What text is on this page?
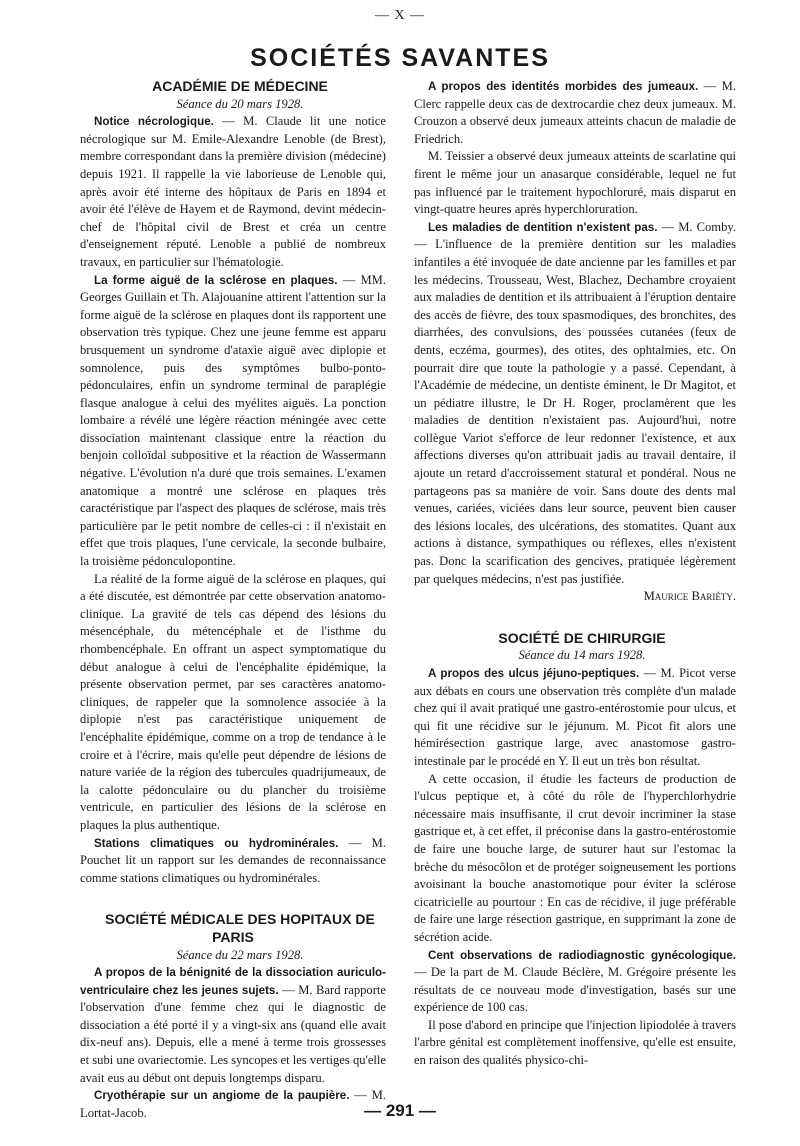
— X —
SOCIÉTÉS SAVANTES

ACADÉMIE DE MÉDECINE

Séance du 20 mars 1928.

Notice nécrologique. — M. Claude lit une notice nécrologique sur M. Emile-Alexandre Lenoble (de Brest), membre correspondant dans la première division (médecine) depuis 1921. Il rappelle la vie laborieuse de Lenoble qui, après avoir été interne des hôpitaux de Paris en 1894 et avoir été l'élève de Hayem et de Raymond, devint médecin-chef de l'hôpital civil de Brest et créa un centre d'enseignement réputé. Lenoble a publié de nombreux travaux, en particulier sur l'hématologie.

La forme aiguë de la sclérose en plaques. — MM. Georges Guillain et Th. Alajouanine attirent l'attention sur la forme aiguë de la sclérose en plaques dont ils rapportent une observation très typique. Chez une jeune femme est apparu brusquement un syndrome d'ataxie aiguë avec diplopie et somnolence, puis des symptômes bulbo-ponto-pédonculaires, enfin un syndrome terminal de paraplégie flasque analogue à celui des myélites aiguës. La ponction lombaire a révélé une légère réaction méningée avec cette dissociation maintenant classique entre la réaction du benjoin colloïdal subpositive et la réaction de Wassermann négative. L'évolution n'a duré que trois semaines. L'examen anatomique a montré une sclérose en plaques très caractéristique par l'aspect des plaques de sclérose, mais très particulière par le petit nombre de celles-ci : il n'existait en effet que trois plaques, l'une cervicale, la seconde bulbaire, la troisième pédonculopontine.

La réalité de la forme aiguë de la sclérose en plaques, qui a été discutée, est démontrée par cette observation anatomo-clinique. La gravité de tels cas dépend des lésions du mésencéphale, du métencéphale et de l'isthme du rhombencéphale. En offrant un aspect symptomatique du début analogue à celui de l'encéphalite épidémique, la présente observation permet, par ses caractères anatomo-cliniques, de rappeler que la somnolence associée à la diplopie n'est pas caractéristique uniquement de l'encéphalite épidémique, comme on a trop de tendance à le croire et à l'écrire, mais qu'elle peut dépendre de lésions de nature variée de la région des tubercules quadrijumeaux, de la calotte pédonculaire ou du plancher du troisième ventricule, en particulier des lésions de la sclérose en plaques la plus authentique.

Stations climatiques ou hydrominérales. — M. Pouchet lit un rapport sur les demandes de reconnaissance comme stations climatiques ou hydrominérales.

SOCIÉTÉ MÉDICALE DES HOPITAUX DE PARIS

Séance du 22 mars 1928.

A propos de la bénignité de la dissociation auriculo-ventriculaire chez les jeunes sujets. — M. Bard rapporte l'observation d'une femme chez qui le diagnostic de dissociation a été porté il y a vingt-six ans (quand elle avait dix-neuf ans). Depuis, elle a mené à terme trois grossesses et subi une ovariectomie. Les syncopes et les vertiges qu'elle avait eus au début ont depuis longtemps disparu.

Cryothérapie sur un angiome de la paupière. — M. Lortat-Jacob.

A propos des identités morbides des jumeaux. — M. Clerc rappelle deux cas de dextrocardie chez deux jumeaux. M. Crouzon a observé deux jumeaux atteints chacun de maladie de Friedrich.

M. Teissier a observé deux jumeaux atteints de scarlatine qui firent le même jour un anasarque considérable, lequel ne fut pas influencé par le traitement hypochloruré, mais disparut en vingt-quatre heures après hyperchloruration.

Les maladies de dentition n'existent pas. — M. Comby. — L'influence de la première dentition sur les maladies infantiles a été invoquée de date ancienne par les familles et par les médecins. Trousseau, West, Blachez, Dechambre croyaient aux maladies de dentition et ils attribuaient à l'éruption dentaire des accès de fièvre, des toux spasmodiques, des bronchites, des diarrhées, des convulsions, des poussées cutanées (feux de dents, eczéma, gourmes), des otites, des ophtalmies, etc. On pourrait dire que toute la pathologie y a passé. Cependant, à l'Académie de médecine, un dentiste éminent, le Dr Magitot, et un pédiatre illustre, le Dr H. Roger, proclamèrent que les maladies de dentition n'existaient pas. Aujourd'hui, notre collègue Variot s'efforce de leur redonner l'existence, et aux affections diverses qu'on attribuait jadis au travail dentaire, il ajoute un retard d'accroissement statural et pondéral. Nous ne partageons pas sa manière de voir. Sans doute des dents mal venues, cariées, viciées dans leur source, peuvent bien causer des lésions locales, des ulcérations, des stomatites. Quant aux actions à distance, sympathiques ou réflexes, elles n'existent pas. Donc la scarification des gencives, pratiquée légèrement par quelques médecins, n'est pas justifiée.

Maurice Bariéty.

SOCIÉTÉ DE CHIRURGIE

Séance du 14 mars 1928.

A propos des ulcus jéjuno-peptiques. — M. Picot verse aux débats en cours une observation très complète d'un malade chez qui il avait pratiqué une gastro-entérostomie pour ulcus, et qui fit une récidive sur le jéjunum. M. Picot fit alors une hémirésection gastrique large, avec anastomose gastro-intestinale par le procédé en Y. Il eut un très bon résultat.

A cette occasion, il étudie les facteurs de production de l'ulcus peptique et, à côté du rôle de l'hyperchlorhydrie nécessaire mais insuffisante, il crut devoir incriminer la stase gastrique et, à cet effet, il préconise dans la gastro-entérostomie de faire une bouche large, de suturer haut sur l'estomac la brèche du mésocôlon et de protéger soigneusement les portions avoisinant la bouche anastomotique pour éviter la sclérose cicatricielle au pourtour : En cas de récidive, il juge préférable de faire une large résection gastrique, en supprimant la zone de sécrétion acide.

Cent observations de radiodiagnostic gynécologique. — De la part de M. Claude Béclère, M. Grégoire présente les résultats de ce nouveau mode d'investigation, basés sur une expérience de 100 cas.

Il pose d'abord en principe que l'injection lipiodolée à travers l'arbre génital est complètement inoffensive, qu'elle est ensuite, en raison des qualités physico-chi-

— 291 —
